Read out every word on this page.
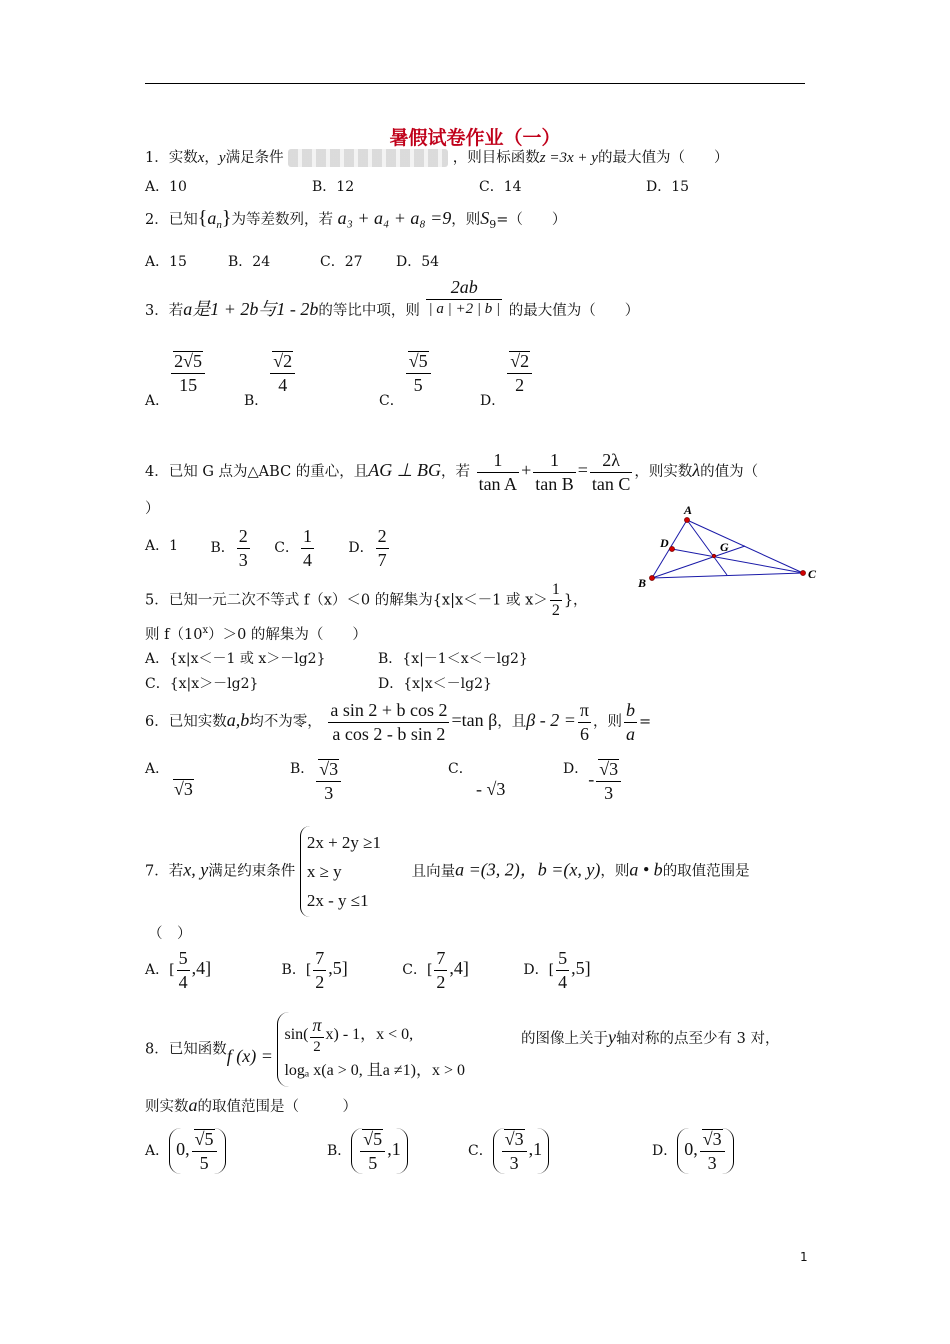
暑假试卷作业（一）
1．实数x，y满足条件	，则目标函数z =3x + y的最大值为（　　）
A．10	B．12	C．14	D．15
2．已知$\{a_n\}$为等差数列，若 a₃ + a₄ + a₈ =9，则$S_9=$（　　）
A．15	B．24	C．27 D．54
3．若a是1 + 2b与1 - 2b的等比中项，则 $\frac{2ab}{| a | +2 | b |}$ 的最大值为（　　）
A．
$\frac{2√5}{15}$
B．
$\frac{√2}{4}$
C．
$\frac{√5}{5}$
D．
$\frac{√2}{2}$
4．已知 G 点为△ABC 的重心，且AG ⊥ BG，若 $\frac{1}{\text{tan A}} + \frac{1}{\text{tan B}} = \frac{2\lambda}{\text{tan C}}$ ，则实数λ的值为（
）
A．1 B． $\frac{2}{3}$ C． $\frac{1}{4}$ D． $\frac{2}{7}$
A
D	G
B
C
5．已知一元二次不等式 f（x）＜0 的解集为{x|x＜－1 或 $x> \frac{1}{2}$ }，
则 $f(10^x)>0$ 的解集为（　　）
A．{x|x＜－1 或 x＞－lg2}	B．{x|－1＜x＜－lg2}
C．{x|x＞－lg2}	D．{x|x＜－lg2}
6．已知实数a,b均不为零， $\frac{\text{a sin 2 + b cos 2}}{\text{a cos 2 - b sin 2}} =\tan$ β，且$\beta - 2 = \frac{\pi}{6}$ ，则 $\frac{b}{a}$ =
A．
√3
B． $\frac{√3}{3}$	C．
- √3
D．- $\frac{√3}{3}$
7．若x, y满足约束条件
2x + 2y ≥1
x ≥ y
2x - y ≤1
且向量a =(3, 2)，b =(x, y)，则a • b的取值范围是
（　）
A．[ $\frac{5}{4} ,4$]	B．[ $\frac{7}{2} ,5$]	C．[ $\frac{7}{2} ,4$]	D．[ $\frac{5}{4} ,5$]
8．已知函数f (x) =
$\sin( \frac{\pi}{2} x) - 1$，x < 0,
logₐ x(a > 0, 且a ≠1)，x > 0
的图像上关于y轴对称的点至少有 3 对，
则实数a的取值范围是（　　　）
A． 0, $\frac{√5}{5}$	B． $\frac{√5}{5} ,1$	C． $\frac{√3}{3} ,1$	D． 0, $\frac{√3}{3}$
1
